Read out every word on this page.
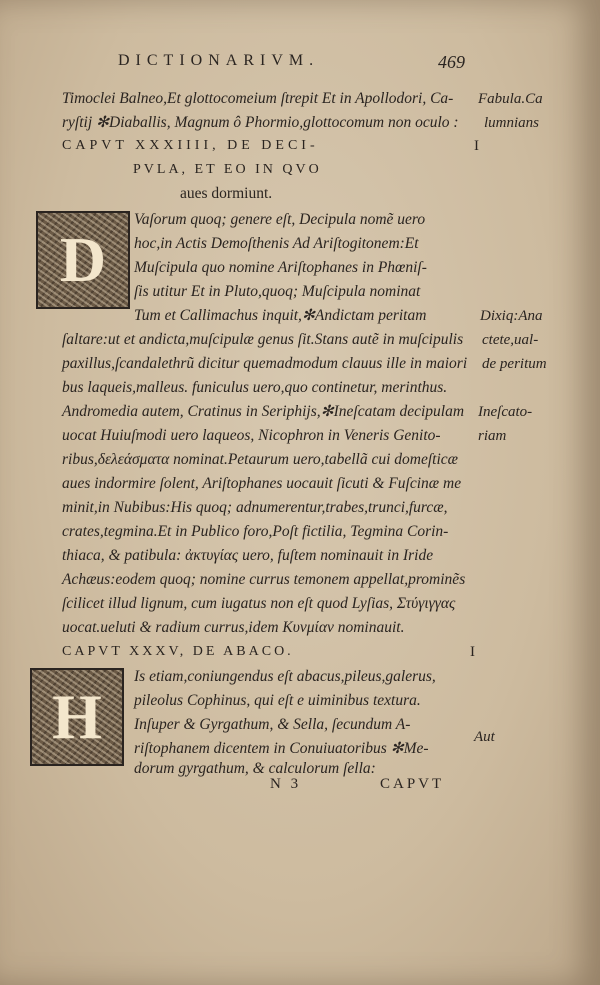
DICTIONARIVM.	469
Timoclei Balneo,Et glottocomeium ſtrepit Et in Apollodori, Ca-
ryſtij ✻Diaballis, Magnum ô Phormio,glottocomum non oculo :
CAPVT XXXIIII, DE DECI-
PVLA, ET EO IN QVO
aues dormiunt.
D
Vaſorum quoq; genere eſt, Decipula nomẽ uero
hoc,in Actis Demoſthenis Ad Ariſtogitonem:Et
Muſcipula quo nomine Ariſtophanes in Phœniſ-
ſis utitur Et in Pluto,quoq; Muſcipula nominat
Tum et Callimachus inquit,✻Andictam peritam
ſaltare:ut et andicta,muſcipulæ genus ſit.Stans autẽ in muſcipulis
paxillus,ſcandalethrũ dicitur quemadmodum clauus ille in maiori
bus laqueis,malleus. funiculus uero,quo continetur, merinthus.
Andromedia autem, Cratinus in Seriphijs,✻Ineſcatam decipulam
uocat Huiuſmodi uero laqueos, Nicophron in Veneris Genito-
ribus,δελεάσματα nominat.Petaurum uero,tabellã cui domeſticæ
aues indormire ſolent, Ariſtophanes uocauit ſicuti & Fuſcinæ me
minit,in Nubibus:His quoq; adnumerentur,trabes,trunci,furcæ,
crates,tegmina.Et in Publico foro,Poſt fictilia, Tegmina Corin-
thiaca, & patibula: ἀκτυγίας uero, fuſtem nominauit in Iride
Achæus:eodem quoq; nomine currus temonem appellat,prominẽs
ſcilicet illud lignum, cum iugatus non eſt quod Lyſias, Στύγιγγας
uocat.ueluti & radium currus,idem Κυνμίαν nominauit.
CAPVT XXXV, DE ABACO.
H
Is etiam,coniungendus eſt abacus,pileus,galerus,
pileolus Cophinus, qui eſt e uiminibus textura.
Inſuper & Gyrgathum, & Sella, ſecundum A-
riſtophanem dicentem in Conuiuatoribus ✻Me-
dorum gyrgathum, & calculorum ſella:
Fabula.Ca
lumnians
I
Dixiq:Ana
ctete,ual-
de peritum
Ineſcato-
riam
I
Aut
N 3	CAPVT
